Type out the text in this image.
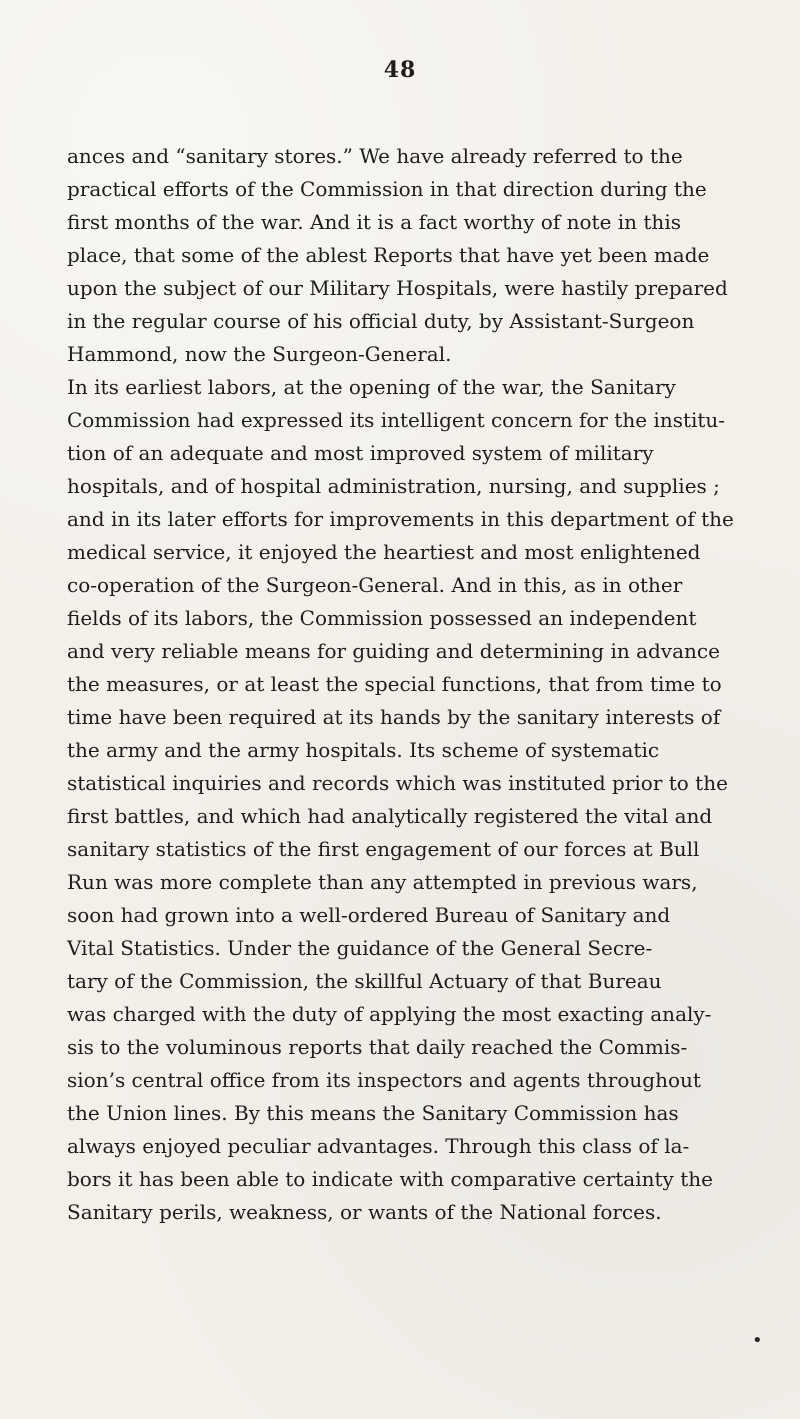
48
ances and “sanitary stores.” We have already referred to the
practical efforts of the Commission in that direction during the
first months of the war. And it is a fact worthy of note in this
place, that some of the ablest Reports that have yet been made
upon the subject of our Military Hospitals, were hastily prepared
in the regular course of his official duty, by Assistant-Surgeon
Hammond, now the Surgeon-General.
In its earliest labors, at the opening of the war, the Sanitary
Commission had expressed its intelligent concern for the institu-
tion of an adequate and most improved system of military
hospitals, and of hospital administration, nursing, and supplies ;
and in its later efforts for improvements in this department of the
medical service, it enjoyed the heartiest and most enlightened
co-operation of the Surgeon-General. And in this, as in other
fields of its labors, the Commission possessed an independent
and very reliable means for guiding and determining in advance
the measures, or at least the special functions, that from time to
time have been required at its hands by the sanitary interests of
the army and the army hospitals. Its scheme of systematic
statistical inquiries and records which was instituted prior to the
first battles, and which had analytically registered the vital and
sanitary statistics of the first engagement of our forces at Bull
Run was more complete than any attempted in previous wars,
soon had grown into a well-ordered Bureau of Sanitary and
Vital Statistics. Under the guidance of the General Secre-
tary of the Commission, the skillful Actuary of that Bureau
was charged with the duty of applying the most exacting analy-
sis to the voluminous reports that daily reached the Commis-
sion’s central office from its inspectors and agents throughout
the Union lines. By this means the Sanitary Commission has
always enjoyed peculiar advantages. Through this class of la-
bors it has been able to indicate with comparative certainty the
Sanitary perils, weakness, or wants of the National forces.
•
